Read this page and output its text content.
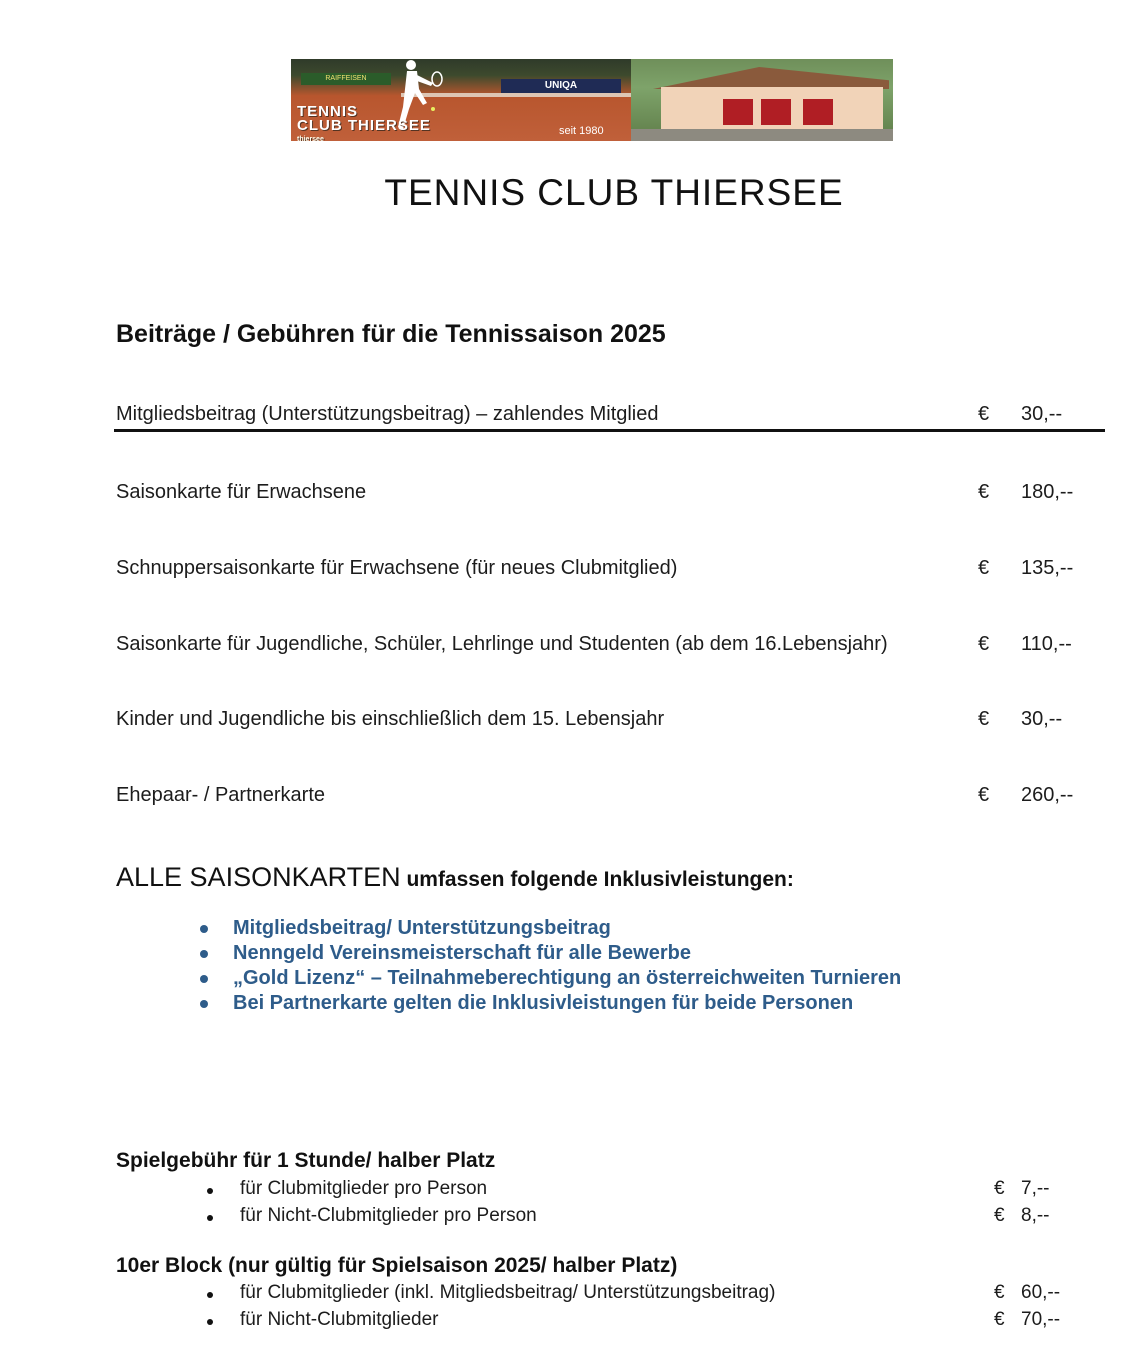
RAIFFEISEN
UNIQA
TENNIS
CLUB THIERSEE
thiersee
seit 1980
TENNIS CLUB THIERSEE
Beiträge / Gebühren für die Tennissaison 2025
Mitgliedsbeitrag (Unterstützungsbeitrag) – zahlendes Mitglied	€ 30,--
Saisonkarte für Erwachsene	€ 180,--
Schnuppersaisonkarte für Erwachsene (für neues Clubmitglied)	€ 135,--
Saisonkarte für Jugendliche, Schüler, Lehrlinge und Studenten (ab dem 16.Lebensjahr)	€ 110,--
Kinder und Jugendliche bis einschließlich dem 15. Lebensjahr	€ 30,--
Ehepaar- / Partnerkarte	€ 260,--
ALLE SAISONKARTEN umfassen folgende Inklusivleistungen:
Mitgliedsbeitrag/ Unterstützungsbeitrag
Nenngeld Vereinsmeisterschaft für alle Bewerbe
„Gold Lizenz“ – Teilnahmeberechtigung an österreichweiten Turnieren
Bei Partnerkarte gelten die Inklusivleistungen für beide Personen
Spielgebühr für 1 Stunde/ halber Platz
für Clubmitglieder pro Person	€ 7,--
für Nicht-Clubmitglieder pro Person	€ 8,--
10er Block (nur gültig für Spielsaison 2025/ halber Platz)
für Clubmitglieder (inkl. Mitgliedsbeitrag/ Unterstützungsbeitrag)	€ 60,--
für Nicht-Clubmitglieder	€ 70,--
